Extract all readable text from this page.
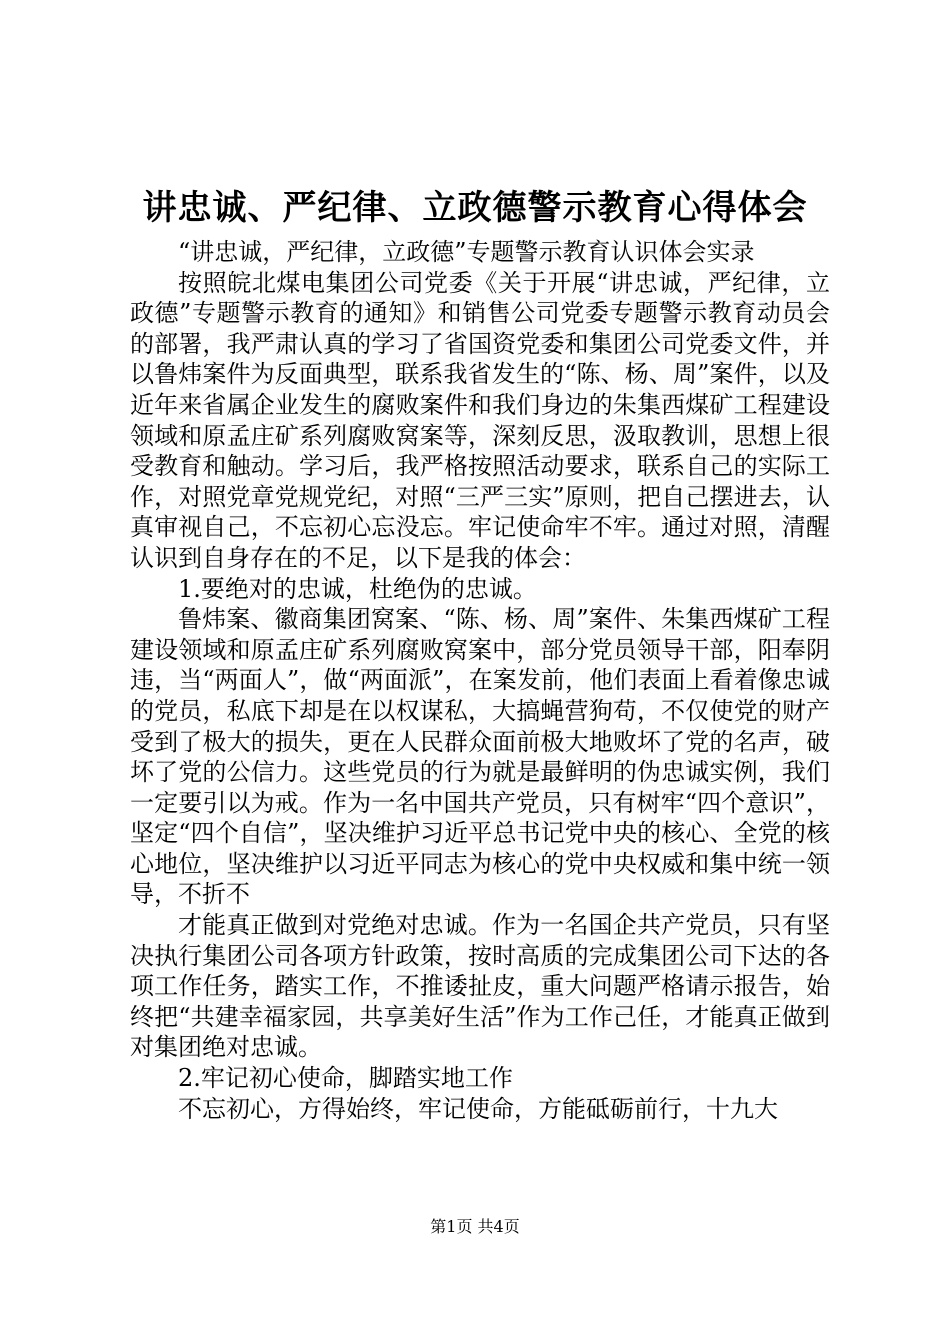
讲忠诚、严纪律、立政德警示教育心得体会

“讲忠诚，严纪律，立政德”专题警示教育认识体会实录

按照皖北煤电集团公司党委《关于开展“讲忠诚，严纪律，立政德”专题警示教育的通知》和销售公司党委专题警示教育动员会的部署，我严肃认真的学习了省国资党委和集团公司党委文件，并以鲁炜案件为反面典型，联系我省发生的“陈、杨、周”案件，以及近年来省属企业发生的腐败案件和我们身边的朱集西煤矿工程建设领域和原孟庄矿系列腐败窝案等，深刻反思，汲取教训，思想上很受教育和触动。学习后，我严格按照活动要求，联系自己的实际工作，对照党章党规党纪，对照“三严三实”原则，把自己摆进去，认真审视自己，不忘初心忘没忘。牢记使命牢不牢。通过对照，清醒认识到自身存在的不足，以下是我的体会：

1.要绝对的忠诚，杜绝伪的忠诚。

鲁炜案、徽商集团窝案、“陈、杨、周”案件、朱集西煤矿工程建设领域和原孟庄矿系列腐败窝案中，部分党员领导干部，阳奉阴违，当“两面人”，做“两面派”，在案发前，他们表面上看着像忠诚的党员，私底下却是在以权谋私，大搞蝇营狗苟，不仅使党的财产受到了极大的损失，更在人民群众面前极大地败坏了党的名声，破坏了党的公信力。这些党员的行为就是最鲜明的伪忠诚实例，我们一定要引以为戒。作为一名中国共产党员，只有树牢“四个意识”，坚定“四个自信”，坚决维护习近平总书记党中央的核心、全党的核心地位，坚决维护以习近平同志为核心的党中央权威和集中统一领导，不折不

才能真正做到对党绝对忠诚。作为一名国企共产党员，只有坚决执行集团公司各项方针政策，按时高质的完成集团公司下达的各项工作任务，踏实工作，不推诿扯皮，重大问题严格请示报告，始终把“共建幸福家园，共享美好生活”作为工作己任，才能真正做到对集团绝对忠诚。

2.牢记初心使命，脚踏实地工作

不忘初心，方得始终，牢记使命，方能砥砺前行，十九大

第1页 共4页
